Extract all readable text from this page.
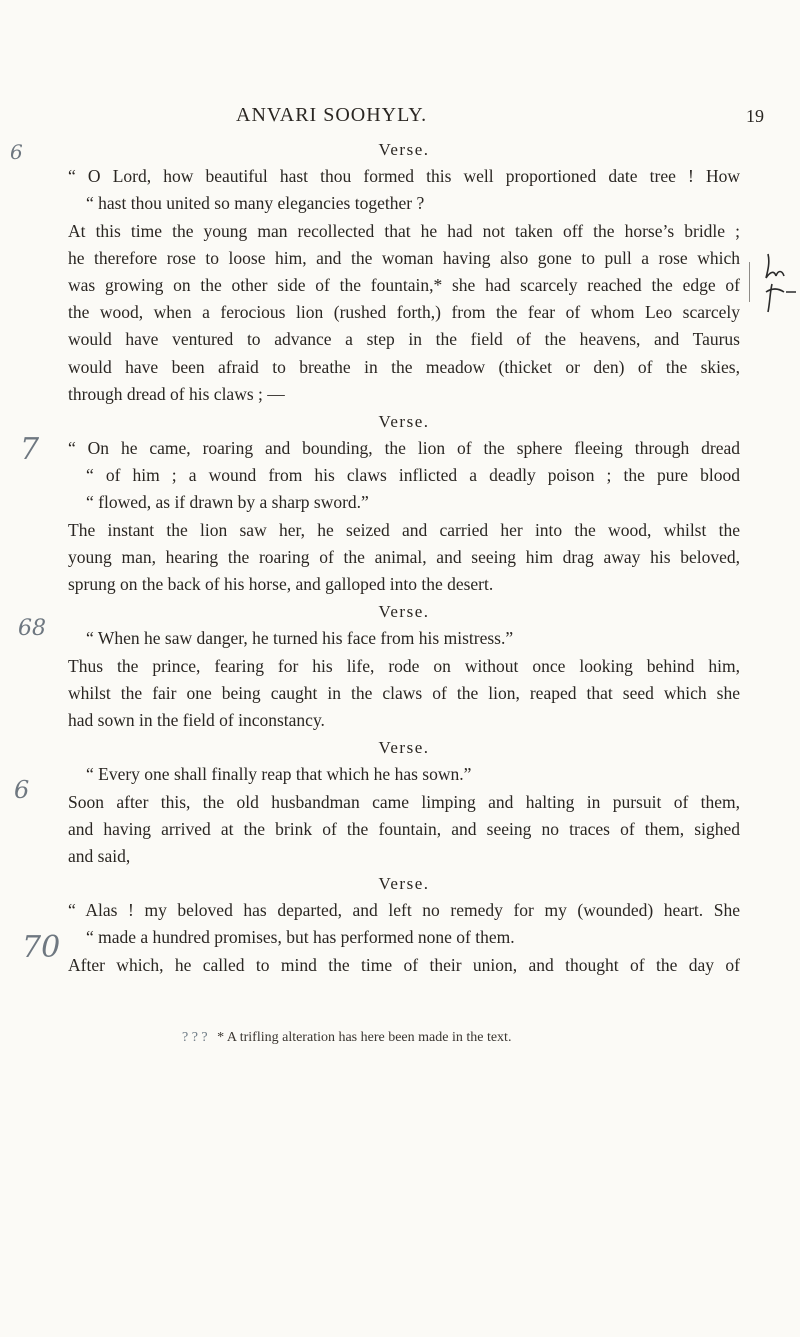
ANVARI SOOHYLY.	19
Verse.
“ O Lord, how beautiful hast thou formed this well proportioned date tree ! How
“ hast thou united so many elegancies together ?
At this time the young man recollected that he had not taken off the horse’s bridle ;
he therefore rose to loose him, and the woman having also gone to pull a rose which
was growing on the other side of the fountain,* she had scarcely reached the edge of
the wood, when a ferocious lion (rushed forth,) from the fear of whom Leo scarcely
would have ventured to advance a step in the field of the heavens, and Taurus
would have been afraid to breathe in the meadow (thicket or den) of the skies,
through dread of his claws ; —
Verse.
“ On he came, roaring and bounding, the lion of the sphere fleeing through dread
“ of him ; a wound from his claws inflicted a deadly poison ; the pure blood
“ flowed, as if drawn by a sharp sword.”
The instant the lion saw her, he seized and carried her into the wood, whilst the
young man, hearing the roaring of the animal, and seeing him drag away his beloved,
sprung on the back of his horse, and galloped into the desert.
Verse.
“ When he saw danger, he turned his face from his mistress.”
Thus the prince, fearing for his life, rode on without once looking behind him,
whilst the fair one being caught in the claws of the lion, reaped that seed which she
had sown in the field of inconstancy.
Verse.
“ Every one shall finally reap that which he has sown.”
Soon after this, the old husbandman came limping and halting in pursuit of them,
and having arrived at the brink of the fountain, and seeing no traces of them, sighed
and said,
Verse.
“ Alas ! my beloved has departed, and left no remedy for my (wounded) heart. She
“ made a hundred promises, but has performed none of them.
After which, he called to mind the time of their union, and thought of the day of
? ? ? * A trifling alteration has here been made in the text.
6
7
68
6
70
